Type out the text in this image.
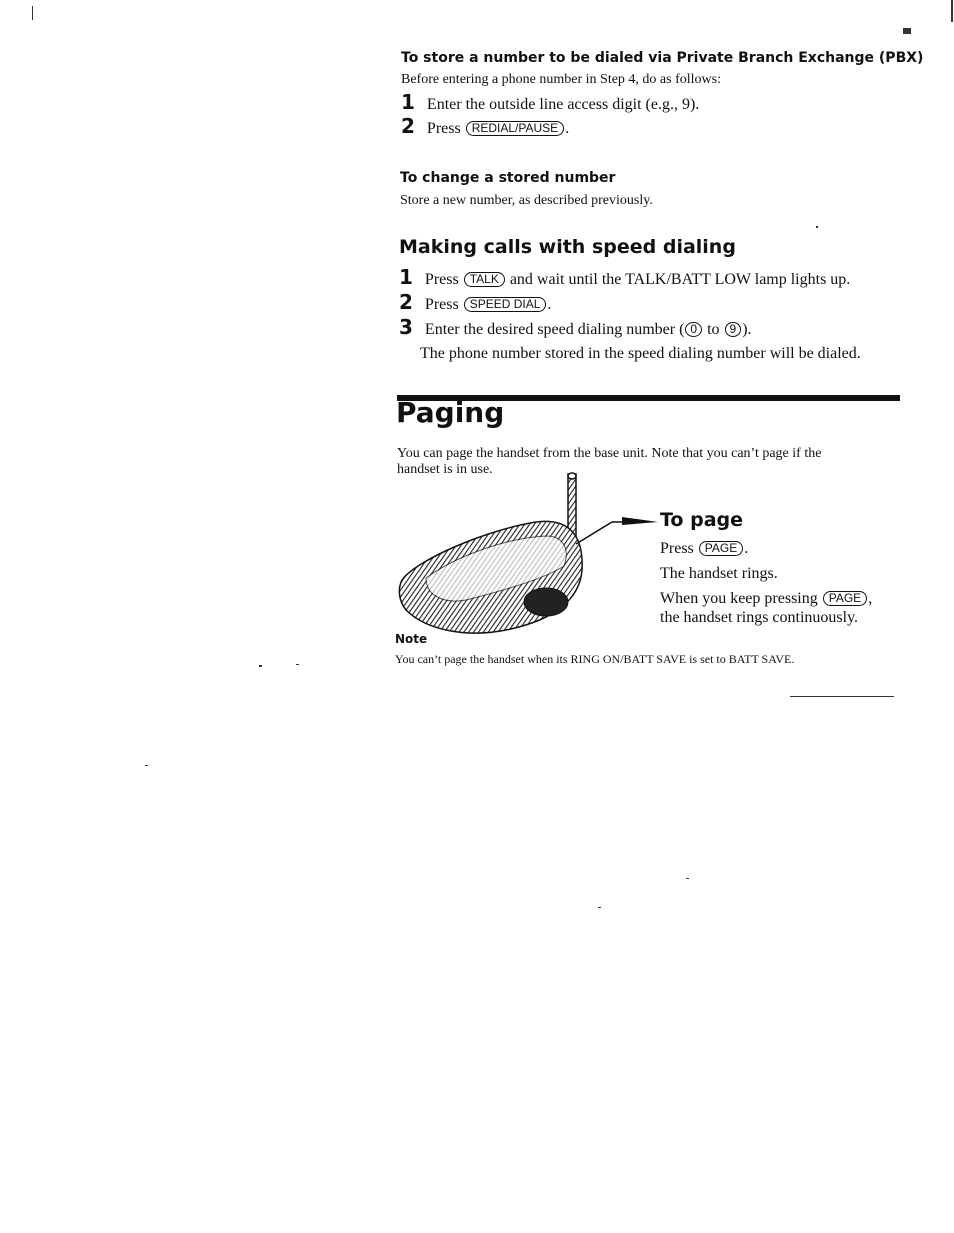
To store a number to be dialed via Private Branch Exchange (PBX)
Before entering a phone number in Step 4, do as follows:
1 Enter the outside line access digit (e.g., 9).
2 Press REDIAL/PAUSE .
To change a stored number
Store a new number, as described previously.
Making calls with speed dialing
1 Press TALK and wait until the TALK/BATT LOW lamp lights up.
2 Press SPEED DIAL .
3 Enter the desired speed dialing number ( 0 to 9 ).
The phone number stored in the speed dialing number will be dialed.
Paging
You can page the handset from the base unit. Note that you can’t page if the
handset is in use.
To page
Press PAGE .
The handset rings.
When you keep pressing PAGE ,
the handset rings continuously.
Note
You can’t page the handset when its RING ON/BATT SAVE is set to BATT SAVE.
